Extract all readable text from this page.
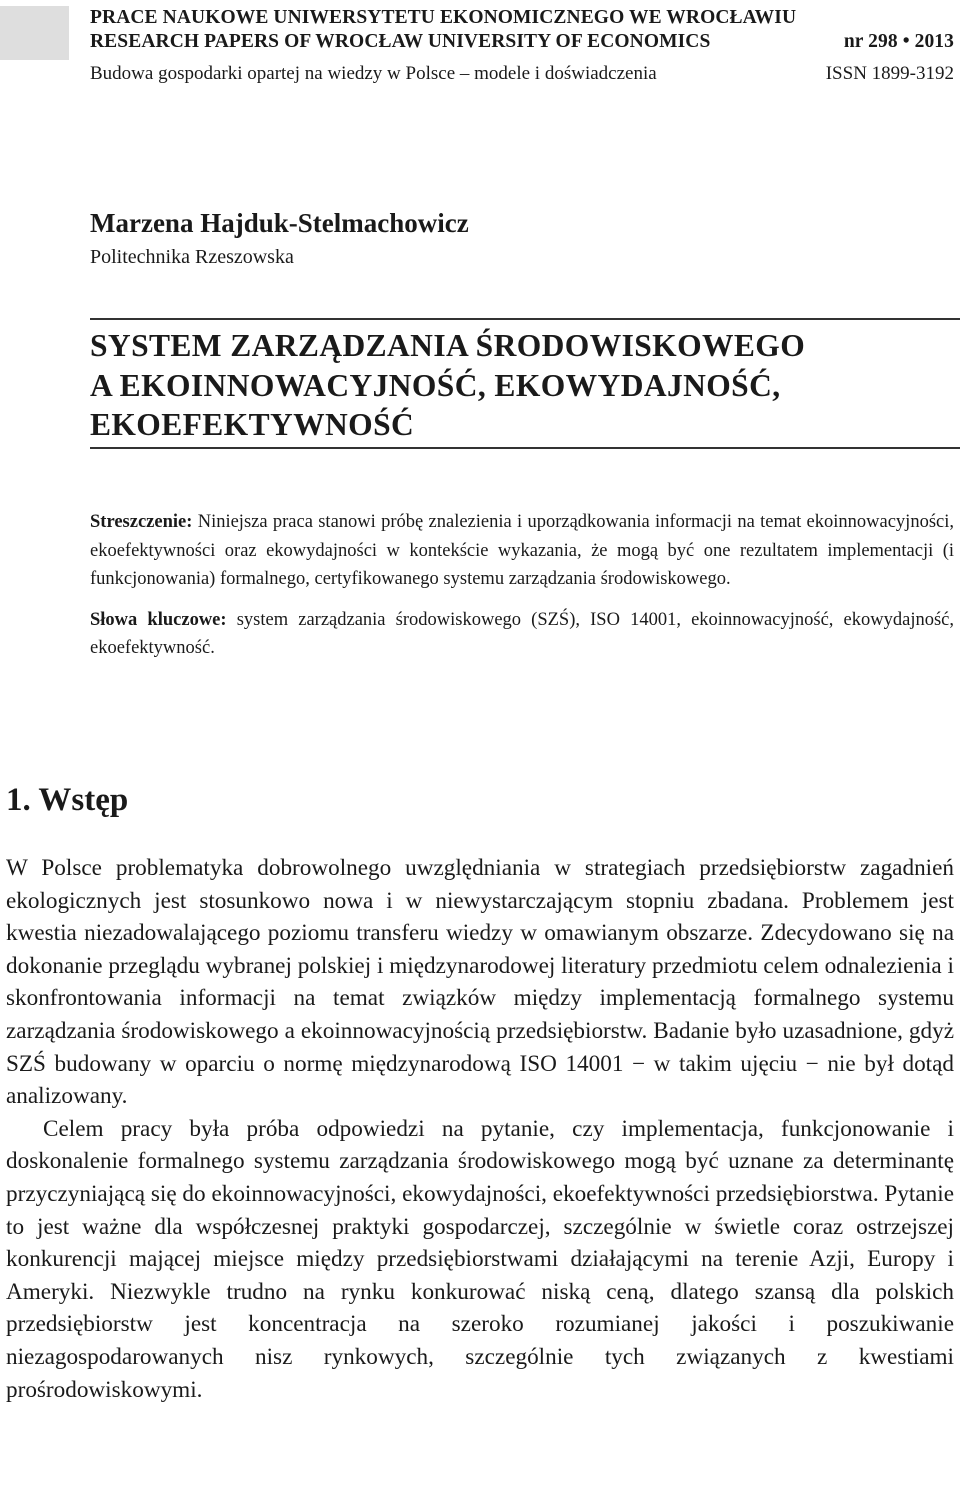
PRACE NAUKOWE UNIWERSYTETU EKONOMICZNEGO WE WROCŁAWIU
RESEARCH PAPERS OF WROCŁAW UNIVERSITY OF ECONOMICS	nr 298 • 2013
Budowa gospodarki opartej na wiedzy w Polsce – modele i doświadczenia	ISSN 1899-3192
Marzena Hajduk-Stelmachowicz
Politechnika Rzeszowska
SYSTEM ZARZĄDZANIA ŚRODOWISKOWEGO
A EKOINNOWACYJNOŚĆ, EKOWYDAJNOŚĆ,
EKOEFEKTYWNOŚĆ

Streszczenie: Niniejsza praca stanowi próbę znalezienia i uporządkowania informacji na temat ekoinnowacyjności, ekoefektywności oraz ekowydajności w kontekście wykazania, że mogą być one rezultatem implementacji (i funkcjonowania) formalnego, certyfikowanego systemu zarządzania środowiskowego.

Słowa kluczowe: system zarządzania środowiskowego (SZŚ), ISO 14001, ekoinnowacyjność, ekowydajność, ekoefektywność.

1. Wstęp

W Polsce problematyka dobrowolnego uwzględniania w strategiach przedsiębiorstw zagadnień ekologicznych jest stosunkowo nowa i w niewystarczającym stopniu zbadana. Problemem jest kwestia niezadowalającego poziomu transferu wiedzy w omawianym obszarze. Zdecydowano się na dokonanie przeglądu wybranej polskiej i międzynarodowej literatury przedmiotu celem odnalezienia i skonfrontowania informacji na temat związków między implementacją formalnego systemu zarządzania środowiskowego a ekoinnowacyjnością przedsiębiorstw. Badanie było uzasadnione, gdyż SZŚ budowany w oparciu o normę międzynarodową ISO 14001 − w takim ujęciu − nie był dotąd analizowany.

Celem pracy była próba odpowiedzi na pytanie, czy implementacja, funkcjonowanie i doskonalenie formalnego systemu zarządzania środowiskowego mogą być uznane za determinantę przyczyniającą się do ekoinnowacyjności, ekowydajności, ekoefektywności przedsiębiorstwa. Pytanie to jest ważne dla współczesnej praktyki gospodarczej, szczególnie w świetle coraz ostrzejszej konkurencji mającej miejsce między przedsiębiorstwami działającymi na terenie Azji, Europy i Ameryki. Niezwykle trudno na rynku konkurować niską ceną, dlatego szansą dla polskich przedsiębiorstw jest koncentracja na szeroko rozumianej jakości i poszukiwanie niezagospodarowanych nisz rynkowych, szczególnie tych związanych z kwestiami prośrodowiskowymi.
